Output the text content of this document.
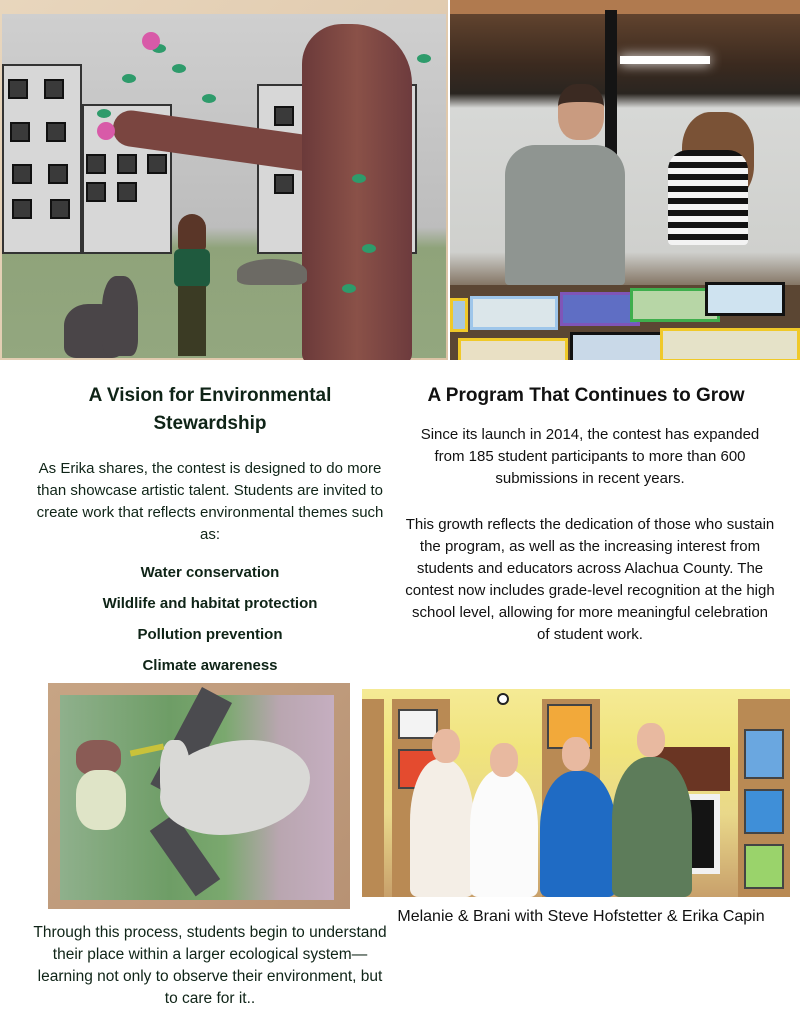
A Vision for Environmental Stewardship

As Erika shares, the contest is designed to do more than showcase artistic talent. Students are invited to create work that reflects environmental themes such as:

Water conservation
Wildlife and habitat protection
Pollution prevention
Climate awareness
A Program That Continues to Grow

Since its launch in 2014, the contest has expanded from 185 student participants to more than 600 submissions in recent years.

This growth reflects the dedication of those who sustain the program, as well as the increasing interest from students and educators across Alachua County. The contest now includes grade-level recognition at the high school level, allowing for more meaningful celebration of student work.

Melanie & Brani with Steve Hofstetter & Erika Capin

Through this process, students begin to understand their place within a larger ecological system—learning not only to observe their environment, but to care for it..
